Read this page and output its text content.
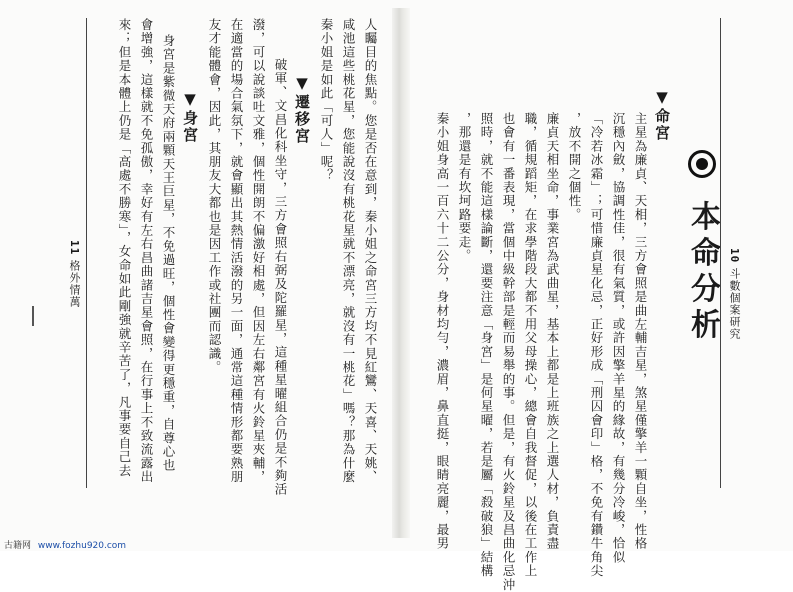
人矚目的焦點。您是否在意到，秦小姐之命宮三方均不見紅鸞、天喜、天姚、
咸池這些桃花星，您能說沒有桃花星就不漂亮，就沒有一桃花」嗎？那為什麼
秦小姐是如此「可人」呢？
▼遷移宮
破軍、文昌化科坐守，三方會照右弼及陀羅星，這種星曜組合仍是不夠活
潑，可以說談吐文雅，個性開朗不偏激好相處，但因左右鄰宮有火鈴星夾輔，
在適當的場合氣氛下，就會顯出其熱情活潑的另一面，通常這種情形都要熟朋
友才能體會，因此，其朋友大都也是因工作或社團而認識。
▼身宮
身宮是紫微天府兩顆天王巨星，不免過旺，個性會變得更穩重，自尊心也
會增強，這樣就不免孤傲，幸好有左右昌曲諸吉星會照，在行事上不致流露出
來；但是本體上仍是「高處不勝寒」，女命如此剛強就辛苦了，凡事要自己去
11 格外情萬
▼命宮
主星為廉貞、天相，三方會照是曲左輔吉星，煞星僅擎羊一顆自坐，性格
沉穩內斂，協調性佳，很有氣質，或許因擎羊星的緣故，有幾分冷峻，恰似
「冷若冰霜」；可惜廉貞星化忌，正好形成「刑囚會印」格，不免有鑽牛角尖
，放不開之個性。
廉貞天相坐命，事業宮為武曲星，基本上都是上班族之上選人材，負責盡
職，循規蹈矩，在求學階段大都不用父母操心，總會自我督促，以後在工作上
也會有一番表現，當個中級幹部是輕而易舉的事。但是，有火鈴星及昌曲化忌沖
照時，就不能這樣論斷，還要注意「身宮」是何星曜，若是屬「殺破狼」結構
，那還是有坎坷路要走。
秦小姐身高一百六十二公分，身材均勻，濃眉，鼻直挺，眼睛亮麗，最男	本命分析 10 斗數個案研究
古籍网 www.fozhu920.com
